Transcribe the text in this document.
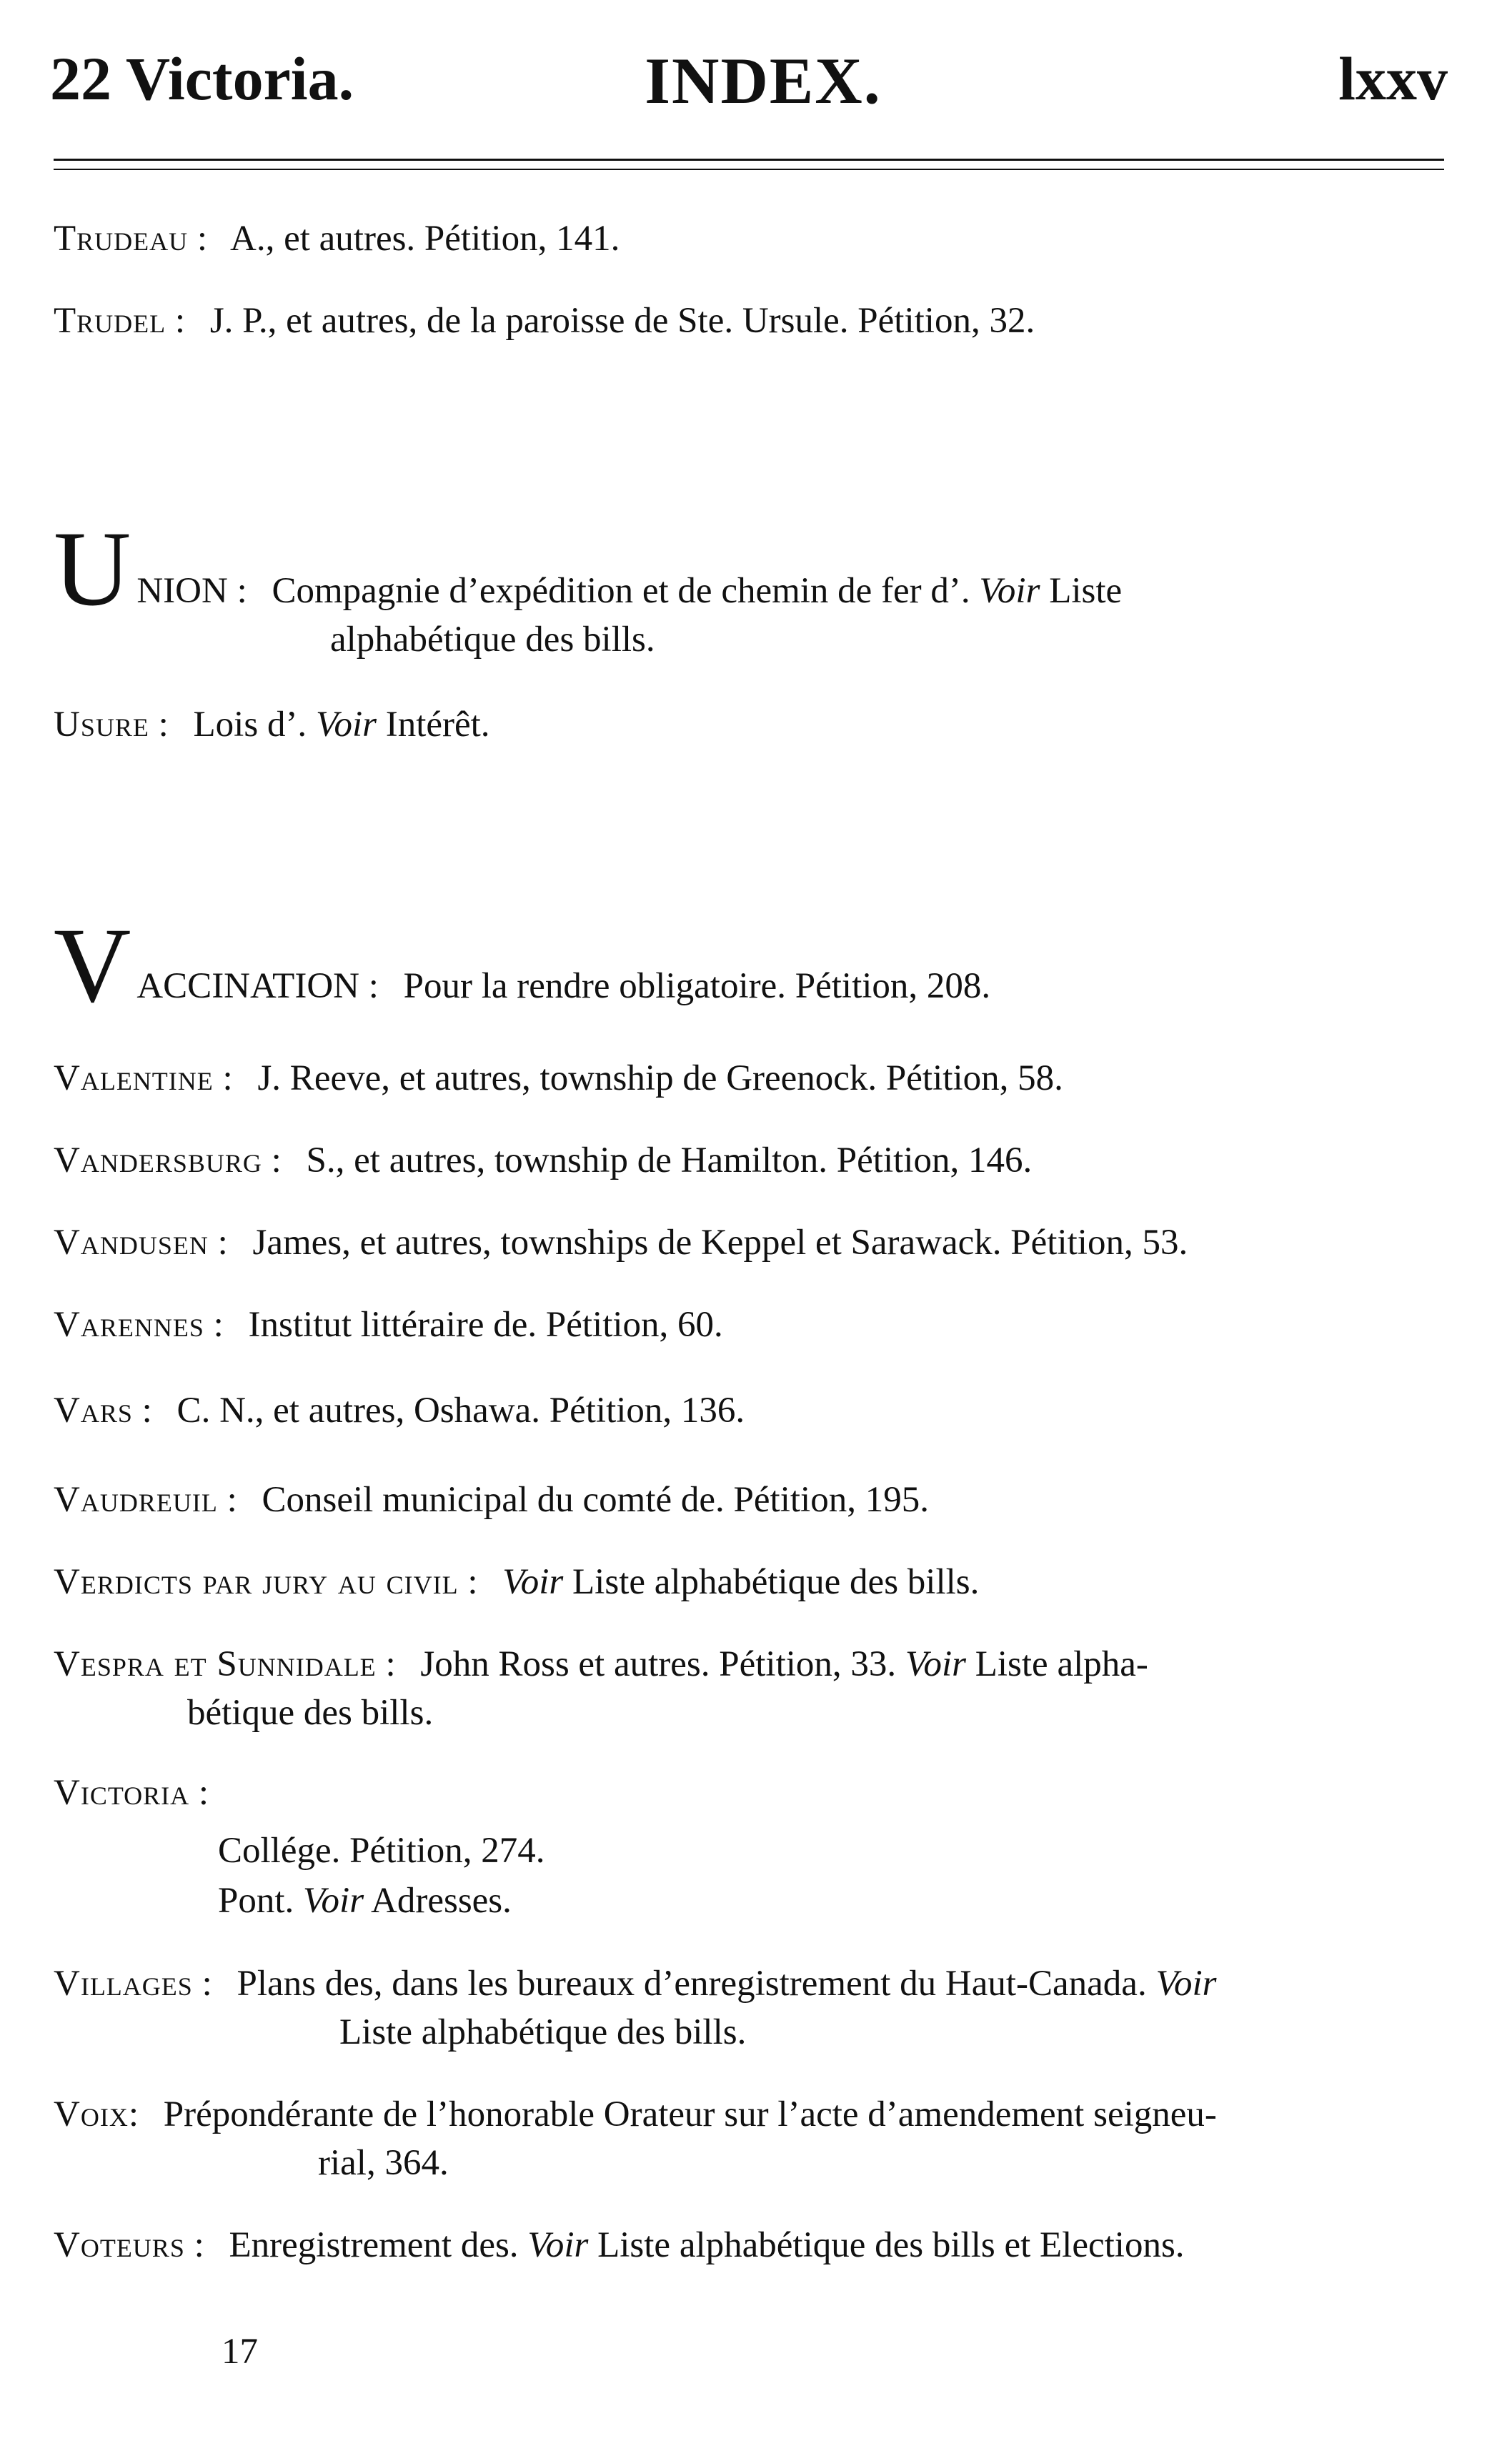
22 Victoria.	INDEX.	lxxv
Trudeau : A., et autres. Pétition, 141.
Trudel : J. P., et autres, de la paroisse de Ste. Ursule. Pétition, 32.
U NION : Compagnie d’expédition et de chemin de fer d’. Voir Liste
alphabétique des bills.
Usure : Lois d’. Voir Intérêt.
V ACCINATION : Pour la rendre obligatoire. Pétition, 208.
Valentine : J. Reeve, et autres, township de Greenock. Pétition, 58.
Vandersburg : S., et autres, township de Hamilton. Pétition, 146.
Vandusen : James, et autres, townships de Keppel et Sarawack. Pétition, 53.
Varennes : Institut littéraire de. Pétition, 60.
Vars : C. N., et autres, Oshawa. Pétition, 136.
Vaudreuil : Conseil municipal du comté de. Pétition, 195.
Verdicts par jury au civil : Voir Liste alphabétique des bills.
Vespra et Sunnidale : John Ross et autres. Pétition, 33. Voir Liste alpha-
bétique des bills.
Victoria :
Collége. Pétition, 274.
Pont. Voir Adresses.
Villages : Plans des, dans les bureaux d’enregistrement du Haut-Canada. Voir
Liste alphabétique des bills.
Voix: Prépondérante de l’honorable Orateur sur l’acte d’amendement seigneu-
rial, 364.
Voteurs : Enregistrement des. Voir Liste alphabétique des bills et Elections.
17
